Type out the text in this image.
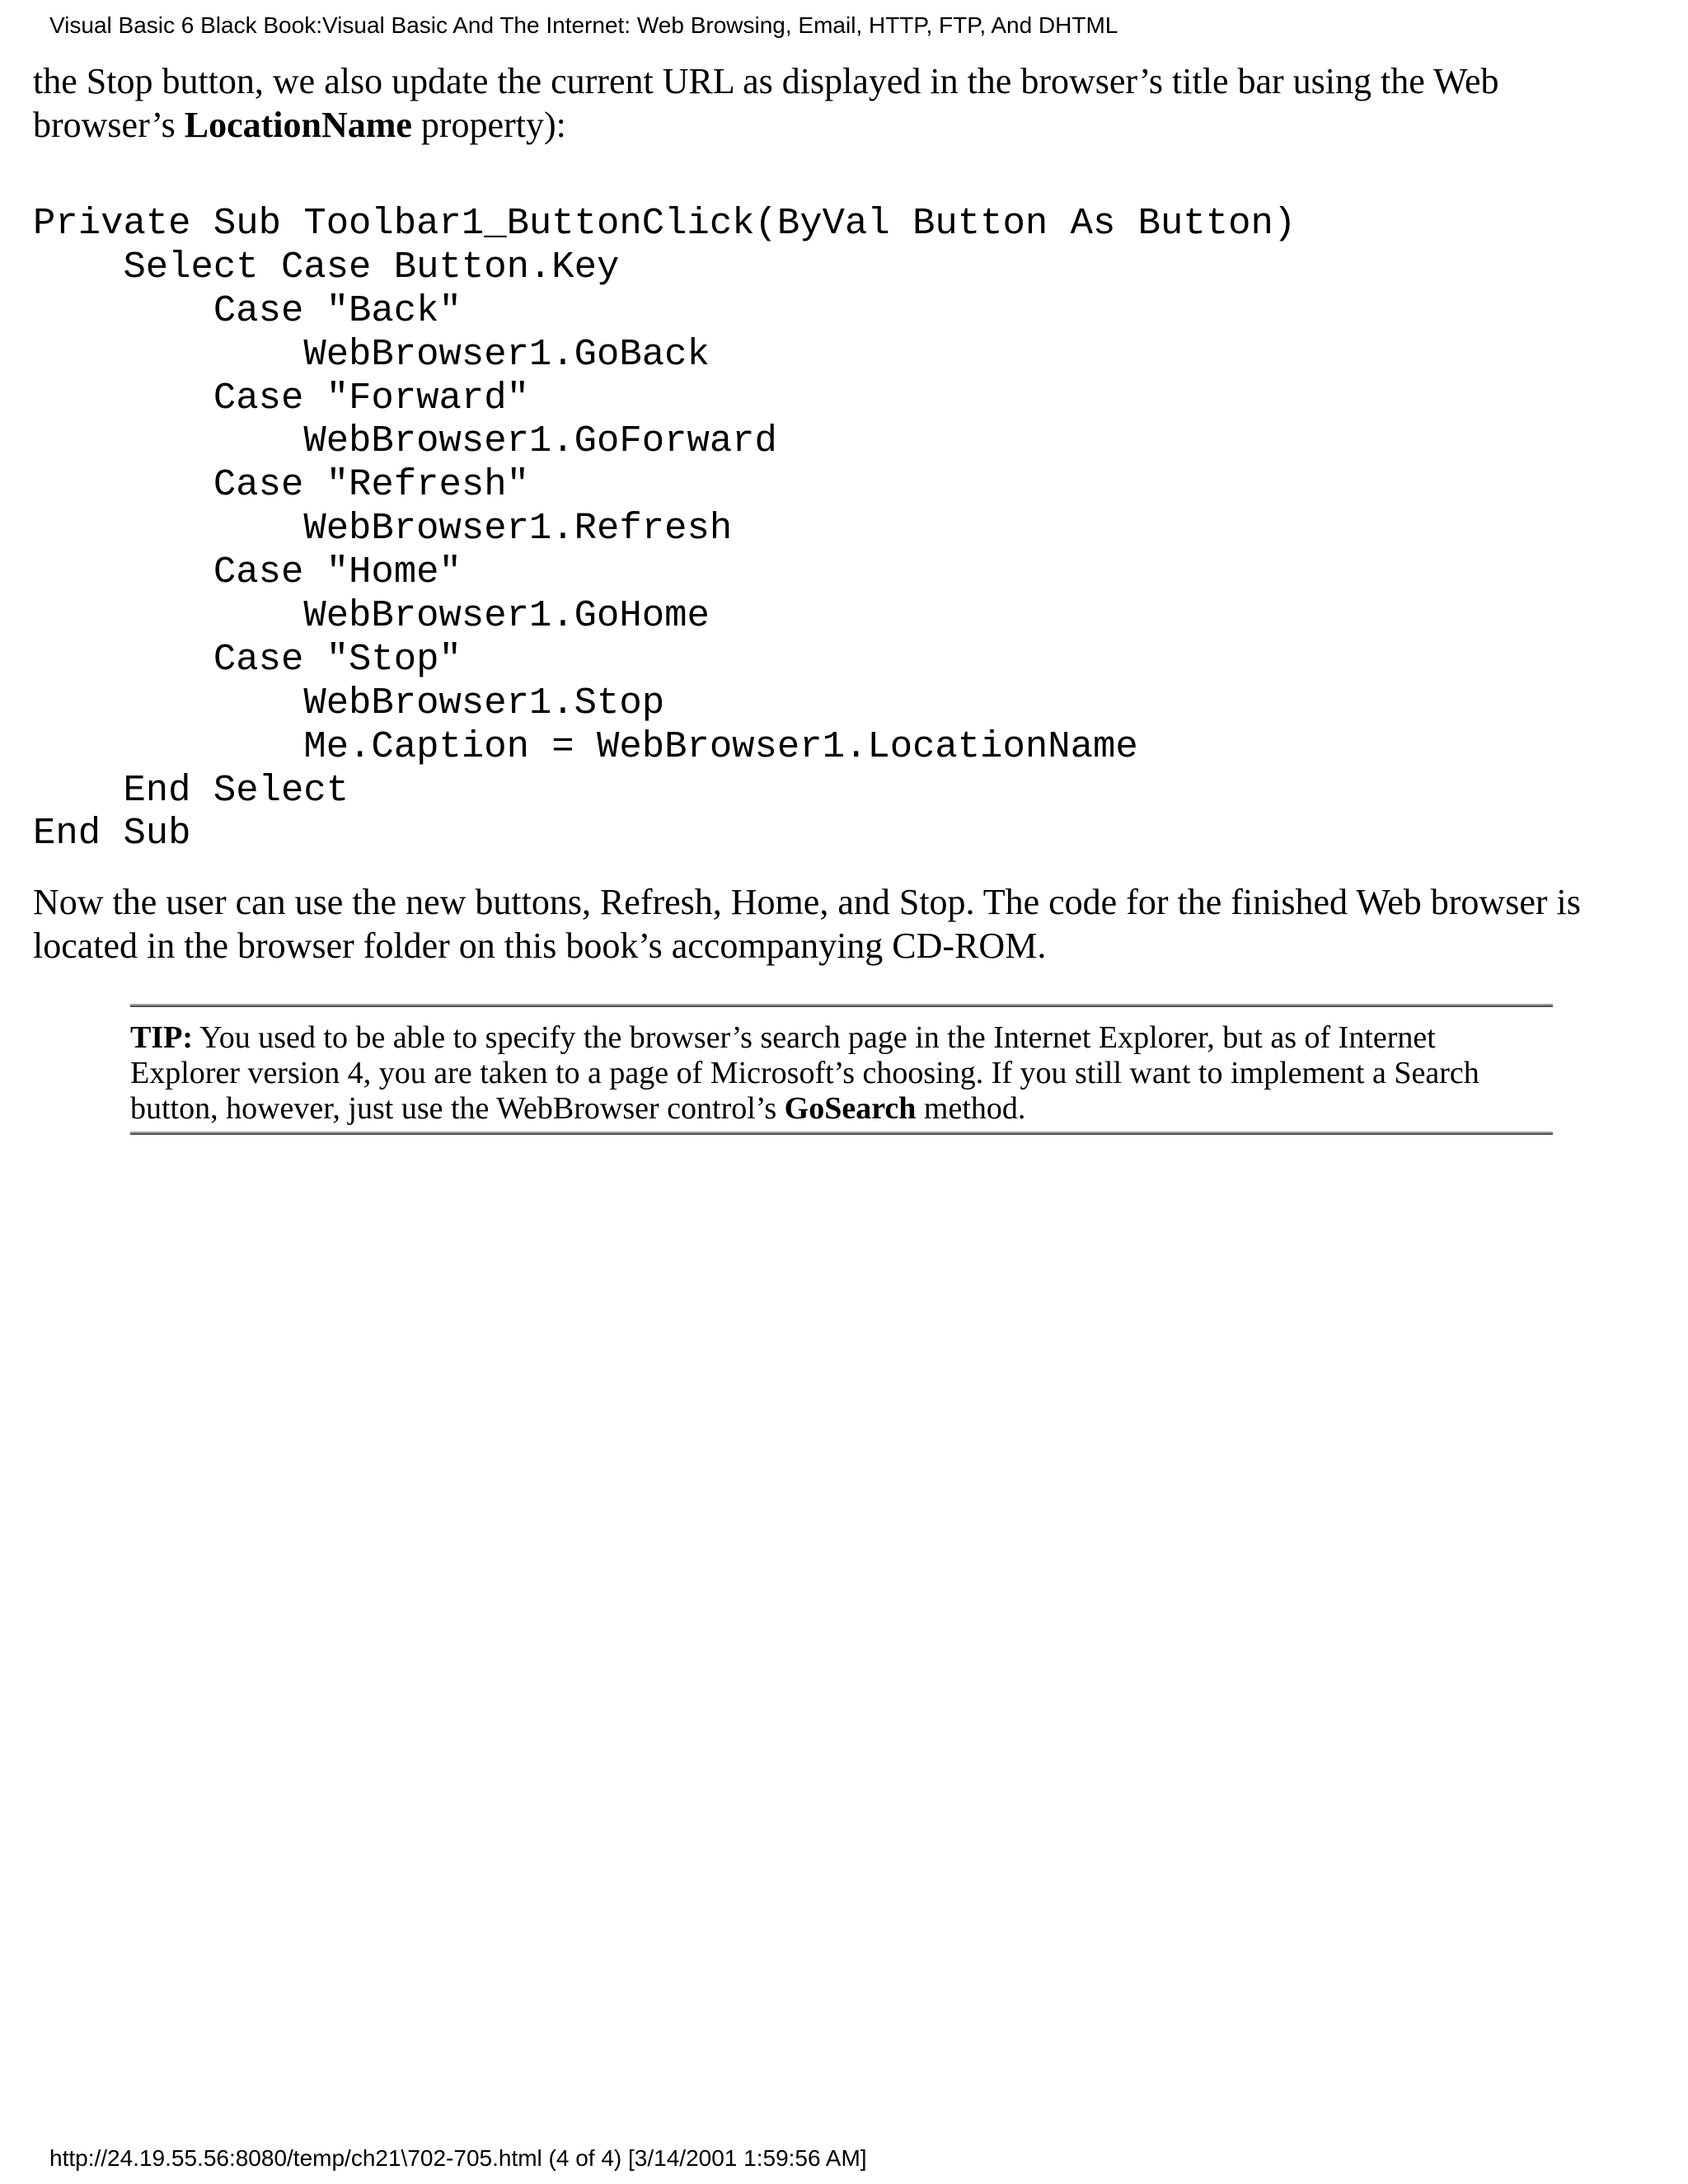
Visual Basic 6 Black Book:Visual Basic And The Internet: Web Browsing, Email, HTTP, FTP, And DHTML
the Stop button, we also update the current URL as displayed in the browser’s title bar using the Web browser’s LocationName property):
Private Sub Toolbar1_ButtonClick(ByVal Button As Button)
Select Case Button.Key
Case "Back"
WebBrowser1.GoBack
Case "Forward"
WebBrowser1.GoForward
Case "Refresh"
WebBrowser1.Refresh
Case "Home"
WebBrowser1.GoHome
Case "Stop"
WebBrowser1.Stop
Me.Caption = WebBrowser1.LocationName
End Select
End Sub
Now the user can use the new buttons, Refresh, Home, and Stop. The code for the finished Web browser is located in the browser folder on this book’s accompanying CD-ROM.
TIP: You used to be able to specify the browser’s search page in the Internet Explorer, but as of Internet Explorer version 4, you are taken to a page of Microsoft’s choosing. If you still want to implement a Search button, however, just use the WebBrowser control’s GoSearch method.
http://24.19.55.56:8080/temp/ch21\702-705.html (4 of 4) [3/14/2001 1:59:56 AM]
